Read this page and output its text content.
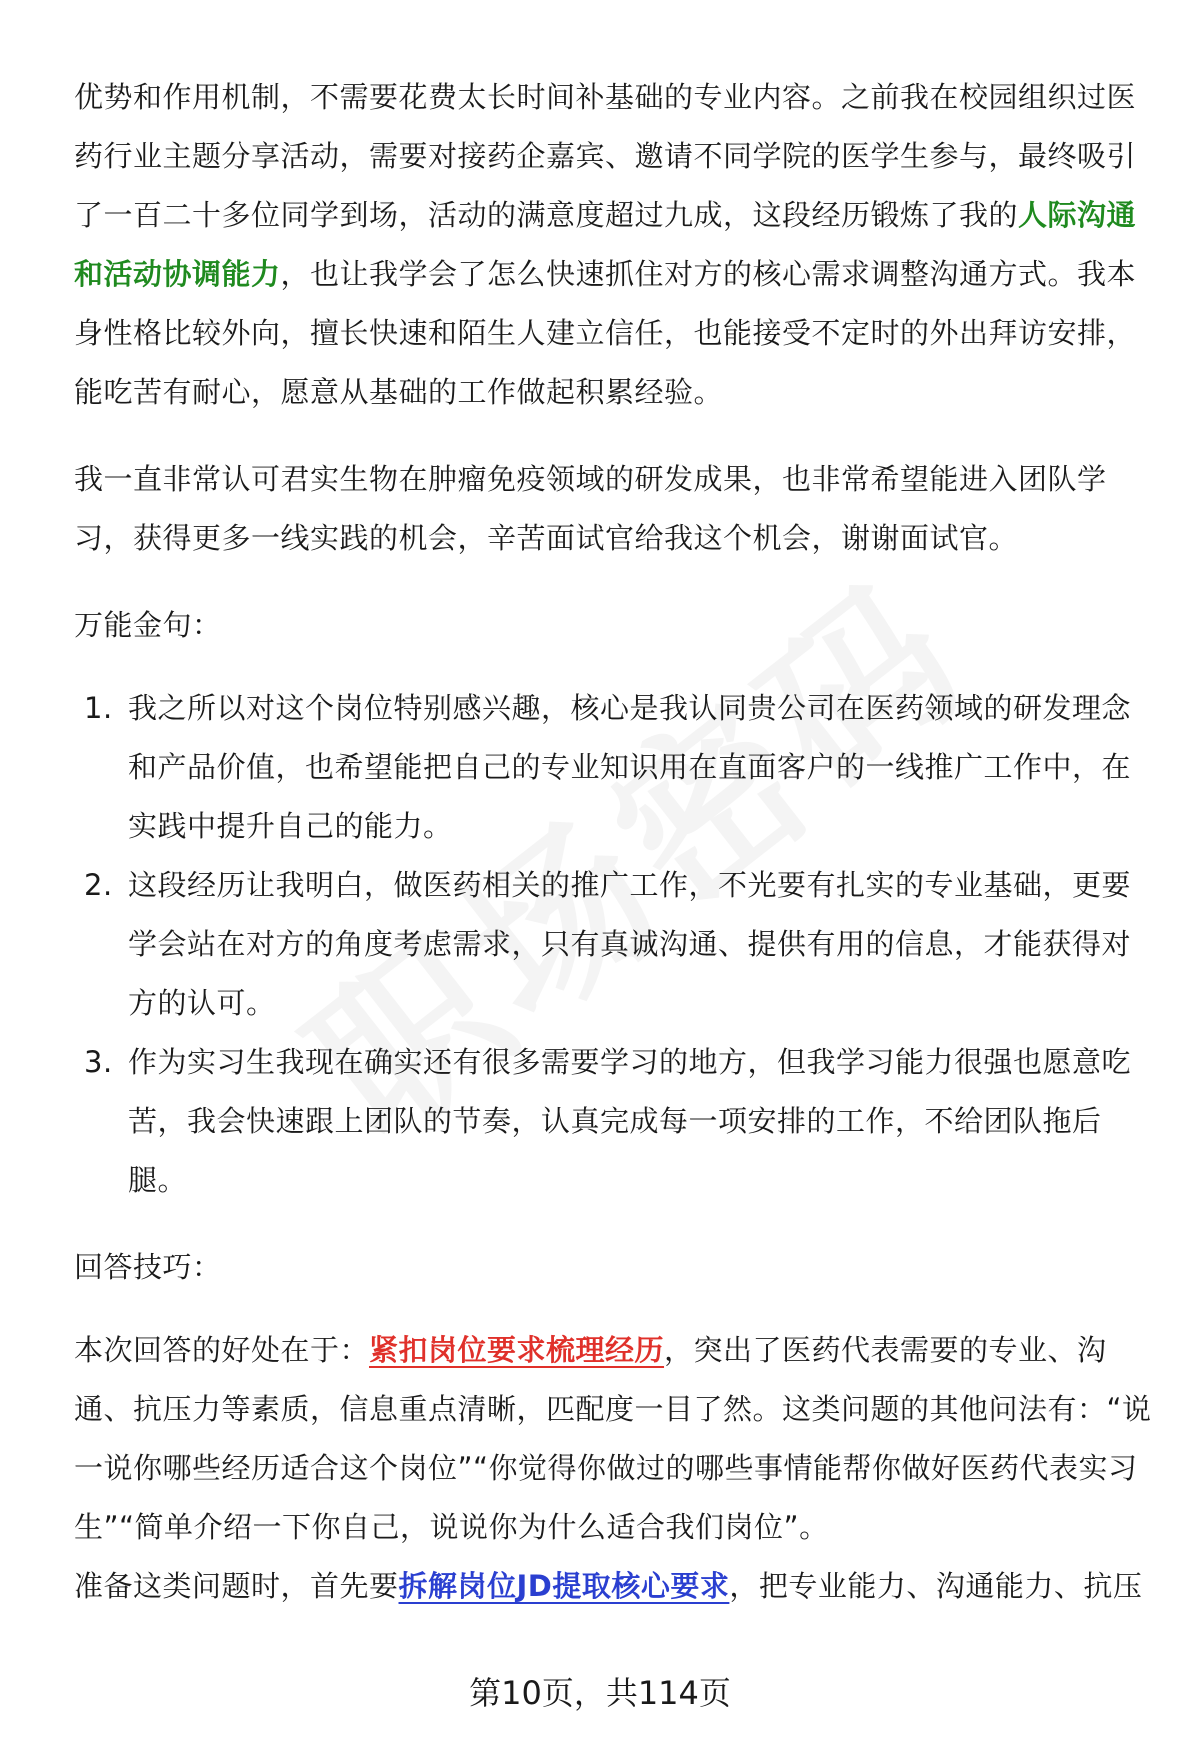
优势和作用机制，不需要花费太长时间补基础的专业内容。之前我在校园组织过医药行业主题分享活动，需要对接药企嘉宾、邀请不同学院的医学生参与，最终吸引了一百二十多位同学到场，活动的满意度超过九成，这段经历锻炼了我的人际沟通和活动协调能力，也让我学会了怎么快速抓住对方的核心需求调整沟通方式。我本身性格比较外向，擅长快速和陌生人建立信任，也能接受不定时的外出拜访安排，能吃苦有耐心，愿意从基础的工作做起积累经验。

我一直非常认可君实生物在肿瘤免疫领域的研发成果，也非常希望能进入团队学习，获得更多一线实践的机会，辛苦面试官给我这个机会，谢谢面试官。

万能金句：

1. 我之所以对这个岗位特别感兴趣，核心是我认同贵公司在医药领域的研发理念和产品价值，也希望能把自己的专业知识用在直面客户的一线推广工作中，在实践中提升自己的能力。
2. 这段经历让我明白，做医药相关的推广工作，不光要有扎实的专业基础，更要学会站在对方的角度考虑需求，只有真诚沟通、提供有用的信息，才能获得对方的认可。
3. 作为实习生我现在确实还有很多需要学习的地方，但我学习能力很强也愿意吃苦，我会快速跟上团队的节奏，认真完成每一项安排的工作，不给团队拖后腿。

回答技巧：

本次回答的好处在于：紧扣岗位要求梳理经历，突出了医药代表需要的专业、沟通、抗压力等素质，信息重点清晰，匹配度一目了然。这类问题的其他问法有：“说一说你哪些经历适合这个岗位”“你觉得你做过的哪些事情能帮你做好医药代表实习生”“简单介绍一下你自己，说说你为什么适合我们岗位”。

准备这类问题时，首先要拆解岗位JD提取核心要求，把专业能力、沟通能力、抗压

第10页，共114页
